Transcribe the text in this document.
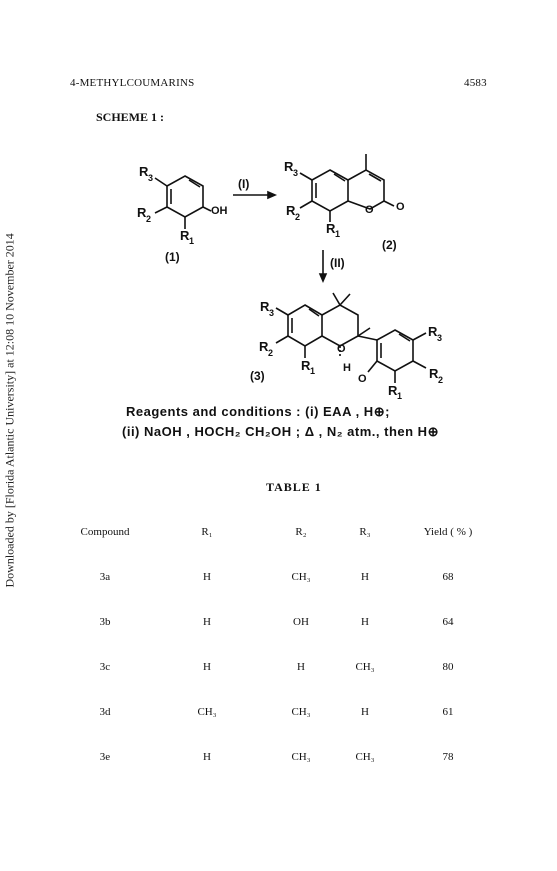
4-METHYLCOUMARINS	4583
Downloaded by [Florida Atlantic University] at 12:08 10 November 2014
SCHEME 1 :
R 3
R 2
R 1
OH
(1)
(I)
R 3
R 2
R 1
O O
(2)
(II)
R 3
R 2
R 1
O
H
O
R 3
R 2
R 1
(3)
Reagents and conditions : (i) EAA , H⊕;
(ii) NaOH , HOCH₂ CH₂OH ; Δ , N₂ atm., then H⊕
TABLE 1
Compound	R₁	R₂	R₃	Yield ( % )
3a	H	CH₃	H	68
3b	H	OH	H	64
3c	H	H	CH₃	80
3d	CH₃	CH₃	H	61
3e	H	CH₃	CH₃	78
